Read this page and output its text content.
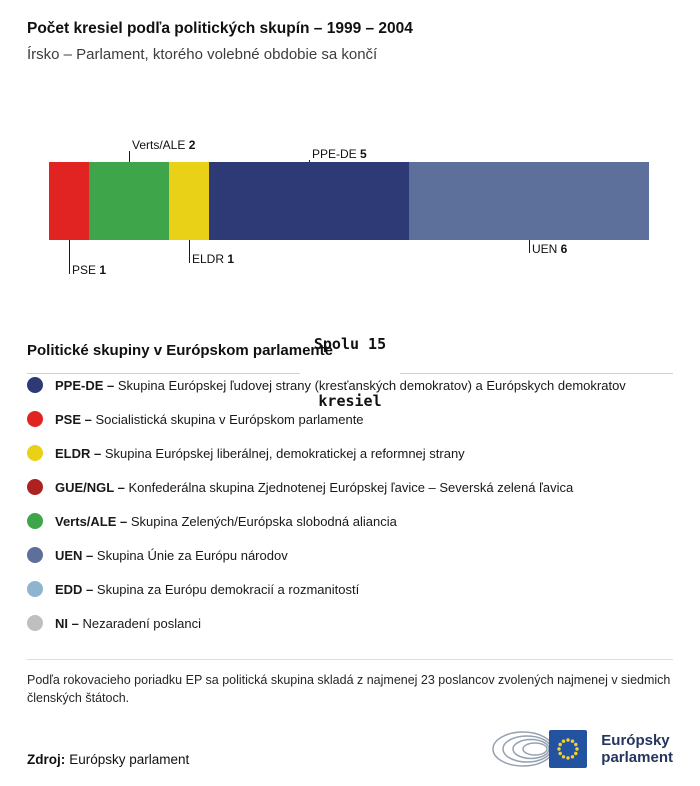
Počet kresiel podľa politických skupín – 1999 – 2004
Írsko – Parlament, ktorého volebné obdobie sa končí
PSE 1
Verts/ALE 2
ELDR 1
PPE-DE 5
UEN 6

Spolu 15

kresiel

Politické skupiny v Európskom parlamente
PPE-DE – Skupina Európskej ľudovej strany (kresťanských demokratov) a Európskych demokratov
PSE – Socialistická skupina v Európskom parlamente
ELDR – Skupina Európskej liberálnej, demokratickej a reformnej strany
GUE/NGL – Konfederálna skupina Zjednotenej Európskej ľavice – Severská zelená ľavica
Verts/ALE – Skupina Zelených/Európska slobodná aliancia
UEN – Skupina Únie za Európu národov
EDD – Skupina za Európu demokracií a rozmanitostí
NI – Nezaradení poslanci
Podľa rokovacieho poriadku EP sa politická skupina skladá z najmenej 23 poslancov zvolených najmenej v siedmich členských štátoch.
Zdroj: Európsky parlament
Európsky
parlament
